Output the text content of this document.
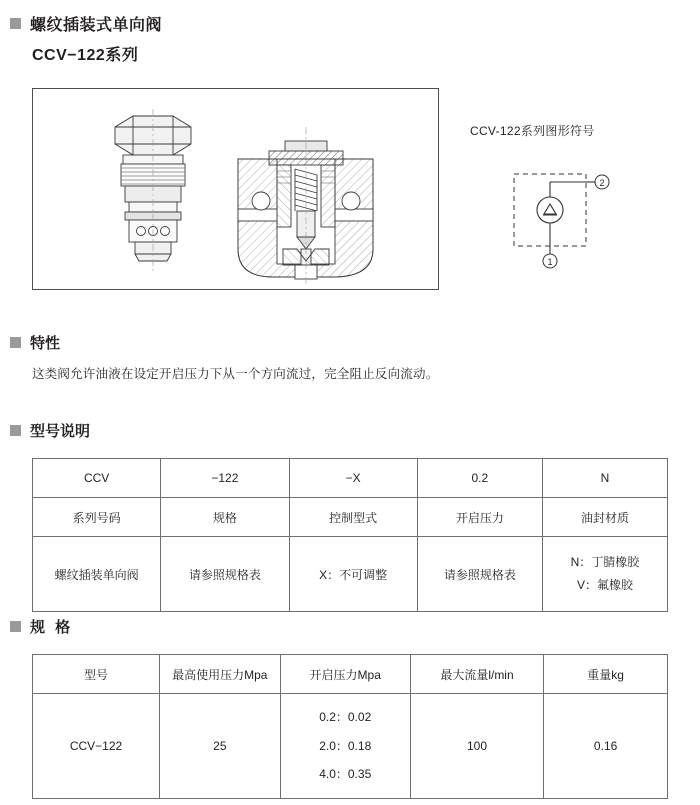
螺纹插装式单向阀
CCV−122系列
CCV-122系列图形符号
2
1
特性
这类阀允许油液在设定开启压力下从一个方向流过，完全阻止反向流动。
型号说明
CCV	−122	−X	0.2	N
系列号码	规格	控制型式	开启压力	油封材质
螺纹插装单向阀	请参照规格表	X：不可调整	请参照规格表	N：丁腈橡胶
V：氟橡胶
规 格
型号	最高使用压力Mpa	开启压力Mpa	最大流量l/min	重量kg
CCV−122	25	0.2：0.02
2.0：0.18
4.0：0.35	100	0.16
